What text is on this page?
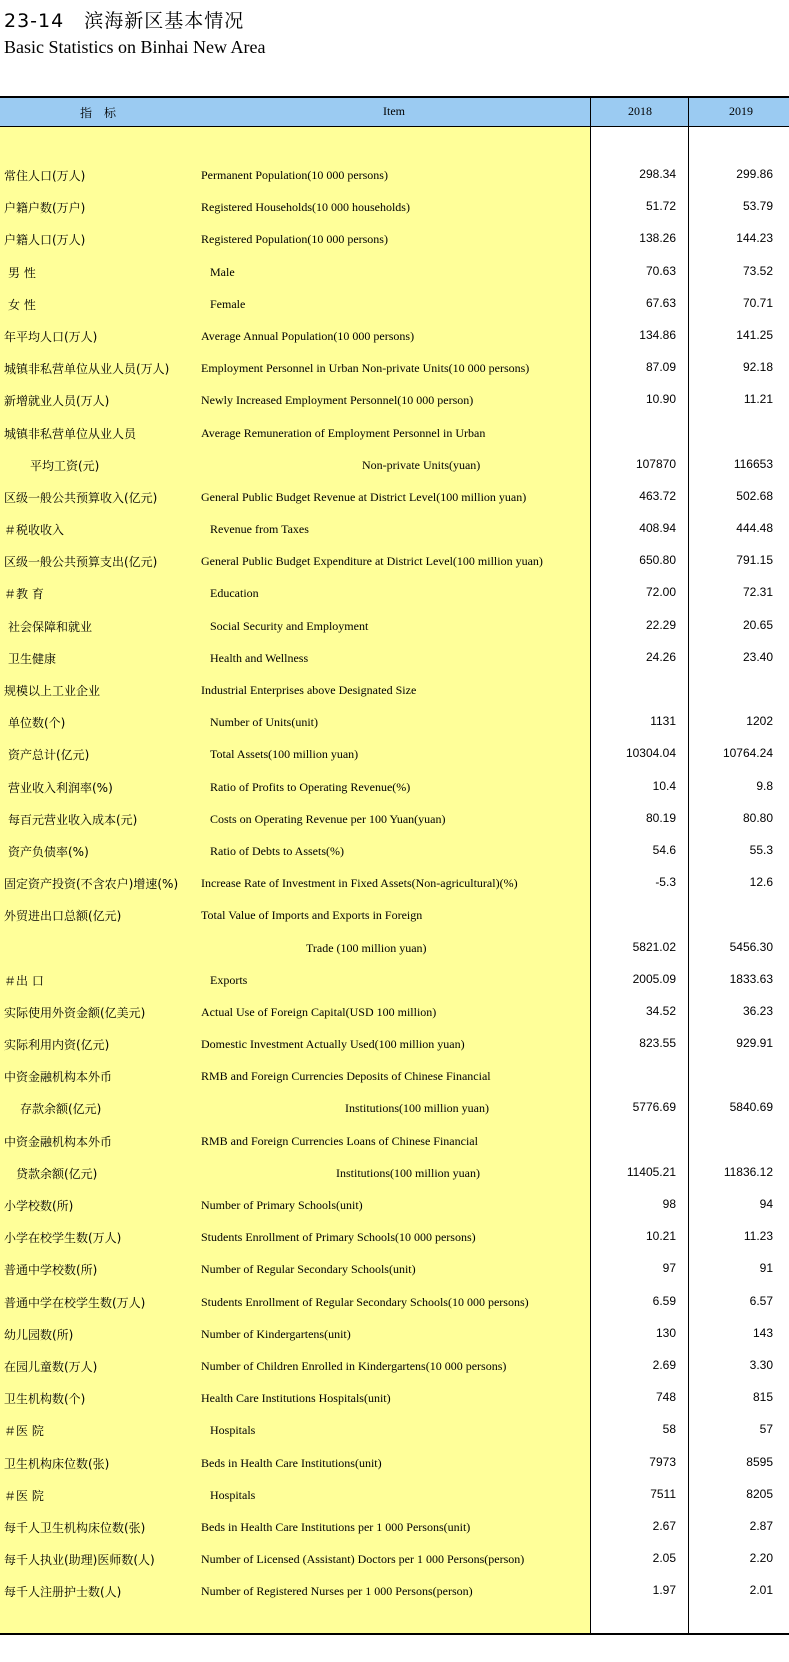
23-14　滨海新区基本情况
Basic Statistics on Binhai New Area
指　标	Item	2018	2019
常住人口(万人)	Permanent Population(10 000 persons)	298.34	299.86
户籍户数(万户)	Registered Households(10 000 households)	51.72	53.79
户籍人口(万人)	Registered Population(10 000 persons)	138.26	144.23
男 性	Male	70.63	73.52
女 性	Female	67.63	70.71
年平均人口(万人)	Average Annual Population(10 000 persons)	134.86	141.25
城镇非私营单位从业人员(万人)	Employment Personnel in Urban Non-private Units(10 000 persons)	87.09	92.18
新增就业人员(万人)	Newly Increased Employment Personnel(10 000 person)	10.90	11.21
城镇非私营单位从业人员	Average Remuneration of Employment Personnel in Urban
平均工资(元)	Non-private Units(yuan)	107870	116653
区级一般公共预算收入(亿元)	General Public Budget Revenue at District Level(100 million yuan)	463.72	502.68
＃税收收入	Revenue from Taxes	408.94	444.48
区级一般公共预算支出(亿元)	General Public Budget Expenditure at District Level(100 million yuan)	650.80	791.15
＃教 育	Education	72.00	72.31
社会保障和就业	Social Security and Employment	22.29	20.65
卫生健康	Health and Wellness	24.26	23.40
规模以上工业企业	Industrial Enterprises above Designated Size
单位数(个)	Number of Units(unit)	1131	1202
资产总计(亿元)	Total Assets(100 million yuan)	10304.04	10764.24
营业收入利润率(%)	Ratio of Profits to Operating Revenue(%)	10.4	9.8
每百元营业收入成本(元)	Costs on Operating Revenue per 100 Yuan(yuan)	80.19	80.80
资产负债率(%)	Ratio of Debts to Assets(%)	54.6	55.3
固定资产投资(不含农户)增速(%) Increase Rate of Investment in Fixed Assets(Non-agricultural)(%)	-5.3	12.6
外贸进出口总额(亿元)	Total Value of Imports and Exports in Foreign
Trade (100 million yuan)	5821.02	5456.30
＃出 口	Exports	2005.09	1833.63
实际使用外资金额(亿美元)	Actual Use of Foreign Capital(USD 100 million)	34.52	36.23
实际利用内资(亿元)	Domestic Investment Actually Used(100 million yuan)	823.55	929.91
中资金融机构本外币	RMB and Foreign Currencies Deposits of Chinese Financial
存款余额(亿元)	Institutions(100 million yuan)	5776.69	5840.69
中资金融机构本外币	RMB and Foreign Currencies Loans of Chinese Financial
贷款余额(亿元)	Institutions(100 million yuan)	11405.21	11836.12
小学校数(所)	Number of Primary Schools(unit)	98	94
小学在校学生数(万人)	Students Enrollment of Primary Schools(10 000 persons)	10.21	11.23
普通中学校数(所)	Number of Regular Secondary Schools(unit)	97	91
普通中学在校学生数(万人)	Students Enrollment of Regular Secondary Schools(10 000 persons)	6.59	6.57
幼儿园数(所)	Number of Kindergartens(unit)	130	143
在园儿童数(万人)	Number of Children Enrolled in Kindergartens(10 000 persons)	2.69	3.30
卫生机构数(个)	Health Care Institutions Hospitals(unit)	748	815
＃医 院	Hospitals	58	57
卫生机构床位数(张)	Beds in Health Care Institutions(unit)	7973	8595
＃医 院	Hospitals	7511	8205
每千人卫生机构床位数(张)	Beds in Health Care Institutions per 1 000 Persons(unit)	2.67	2.87
每千人执业(助理)医师数(人)	Number of Licensed (Assistant) Doctors per 1 000 Persons(person)	2.05	2.20
每千人注册护士数(人)	Number of Registered Nurses per 1 000 Persons(person)	1.97	2.01
